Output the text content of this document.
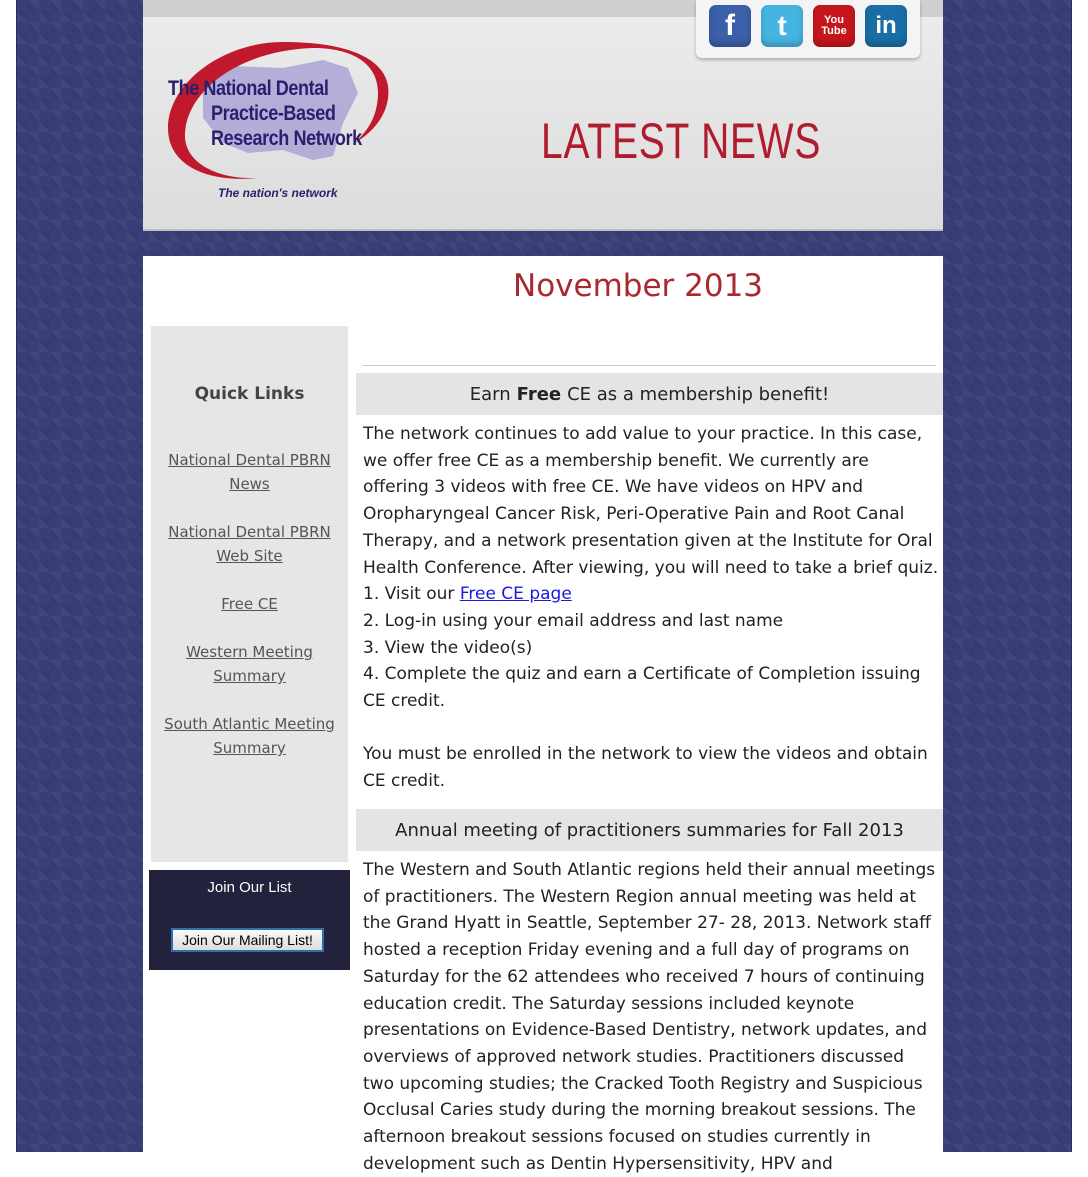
The National Dental
Practice-Based
Research Network
The nation's network
LATEST NEWS
f	t	You Tube	in
November 2013
Quick Links
National Dental PBRN News
National Dental PBRN Web Site
Free CE
Western Meeting Summary
South Atlantic Meeting Summary
Join Our List
Join Our Mailing List!
Earn Free CE as a membership benefit!

The network continues to add value to your practice. In this case, we offer free CE as a membership benefit. We currently are offering 3 videos with free CE. We have videos on HPV and Oropharyngeal Cancer Risk, Peri-Operative Pain and Root Canal Therapy, and a network presentation given at the Institute for Oral Health Conference. After viewing, you will need to take a brief quiz.

1. Visit our Free CE page

2. Log-in using your email address and last name

3. View the video(s)

4. Complete the quiz and earn a Certificate of Completion issuing CE credit.

You must be enrolled in the network to view the videos and obtain CE credit.

Annual meeting of practitioners summaries for Fall 2013

The Western and South Atlantic regions held their annual meetings of practitioners. The Western Region annual meeting was held at the Grand Hyatt in Seattle, September 27- 28, 2013. Network staff hosted a reception Friday evening and a full day of programs on Saturday for the 62 attendees who received 7 hours of continuing education credit. The Saturday sessions included keynote presentations on Evidence-Based Dentistry, network updates, and overviews of approved network studies. Practitioners discussed two upcoming studies; the Cracked Tooth Registry and Suspicious Occlusal Caries study during the morning breakout sessions. The afternoon breakout sessions focused on studies currently in development such as Dentin Hypersensitivity, HPV and
